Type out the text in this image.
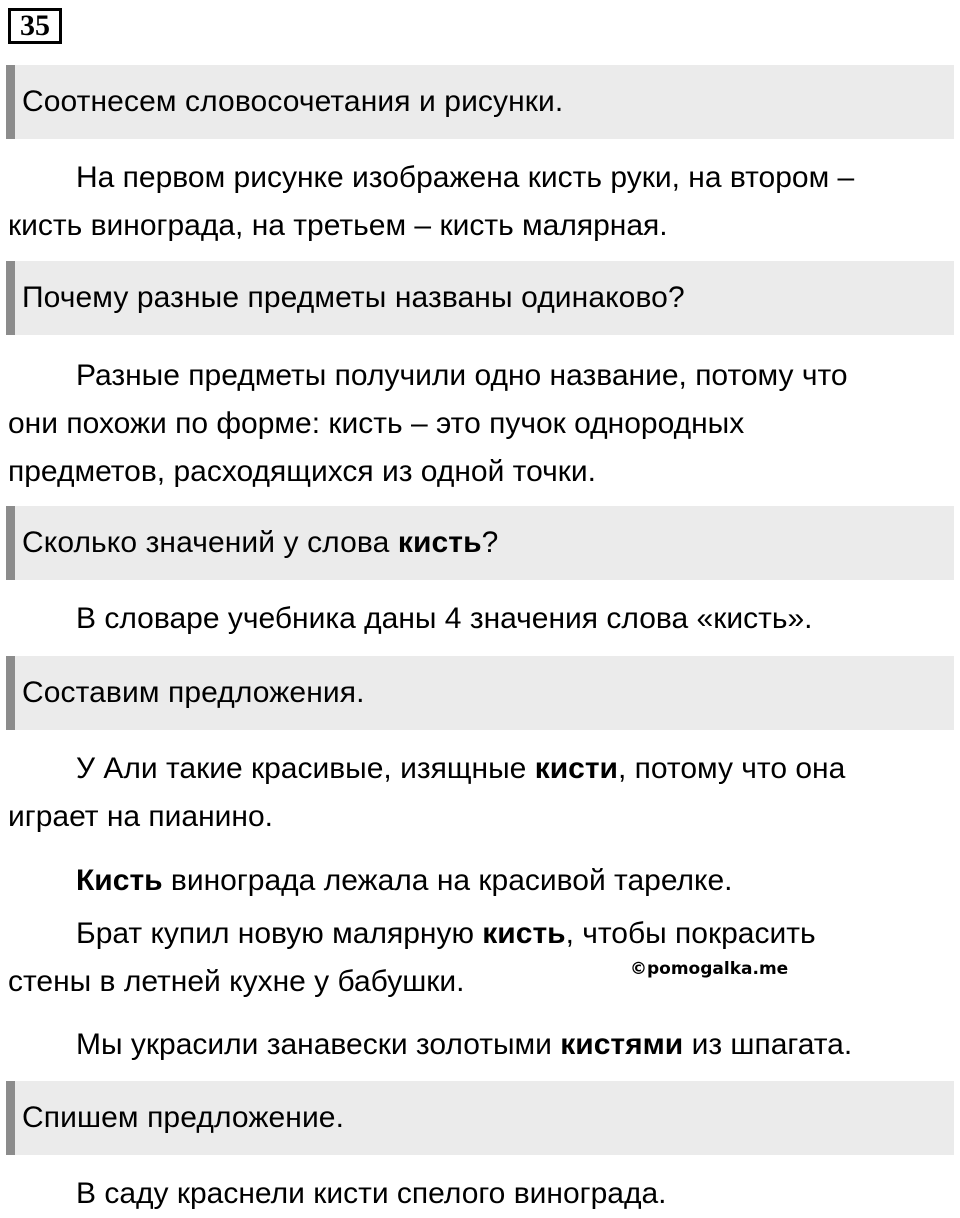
35
Соотнесем словосочетания и рисунки.

На первом рисунке изображена кисть руки, на втором –
кисть винограда, на третьем – кисть малярная.

Почему разные предметы названы одинаково?

Разные предметы получили одно название, потому что
они похожи по форме: кисть – это пучок однородных
предметов, расходящихся из одной точки.

Сколько значений у слова кисть?

В словаре учебника даны 4 значения слова «кисть».

Составим предложения.

У Али такие красивые, изящные кисти, потому что она
играет на пианино.

Кисть винограда лежала на красивой тарелке.

Брат купил новую малярную кисть, чтобы покрасить
стены в летней кухне у бабушки.

Мы украсили занавески золотыми кистями из шпагата.

©pomogalka.me
Спишем предложение.

В саду краснели кисти спелого винограда.
